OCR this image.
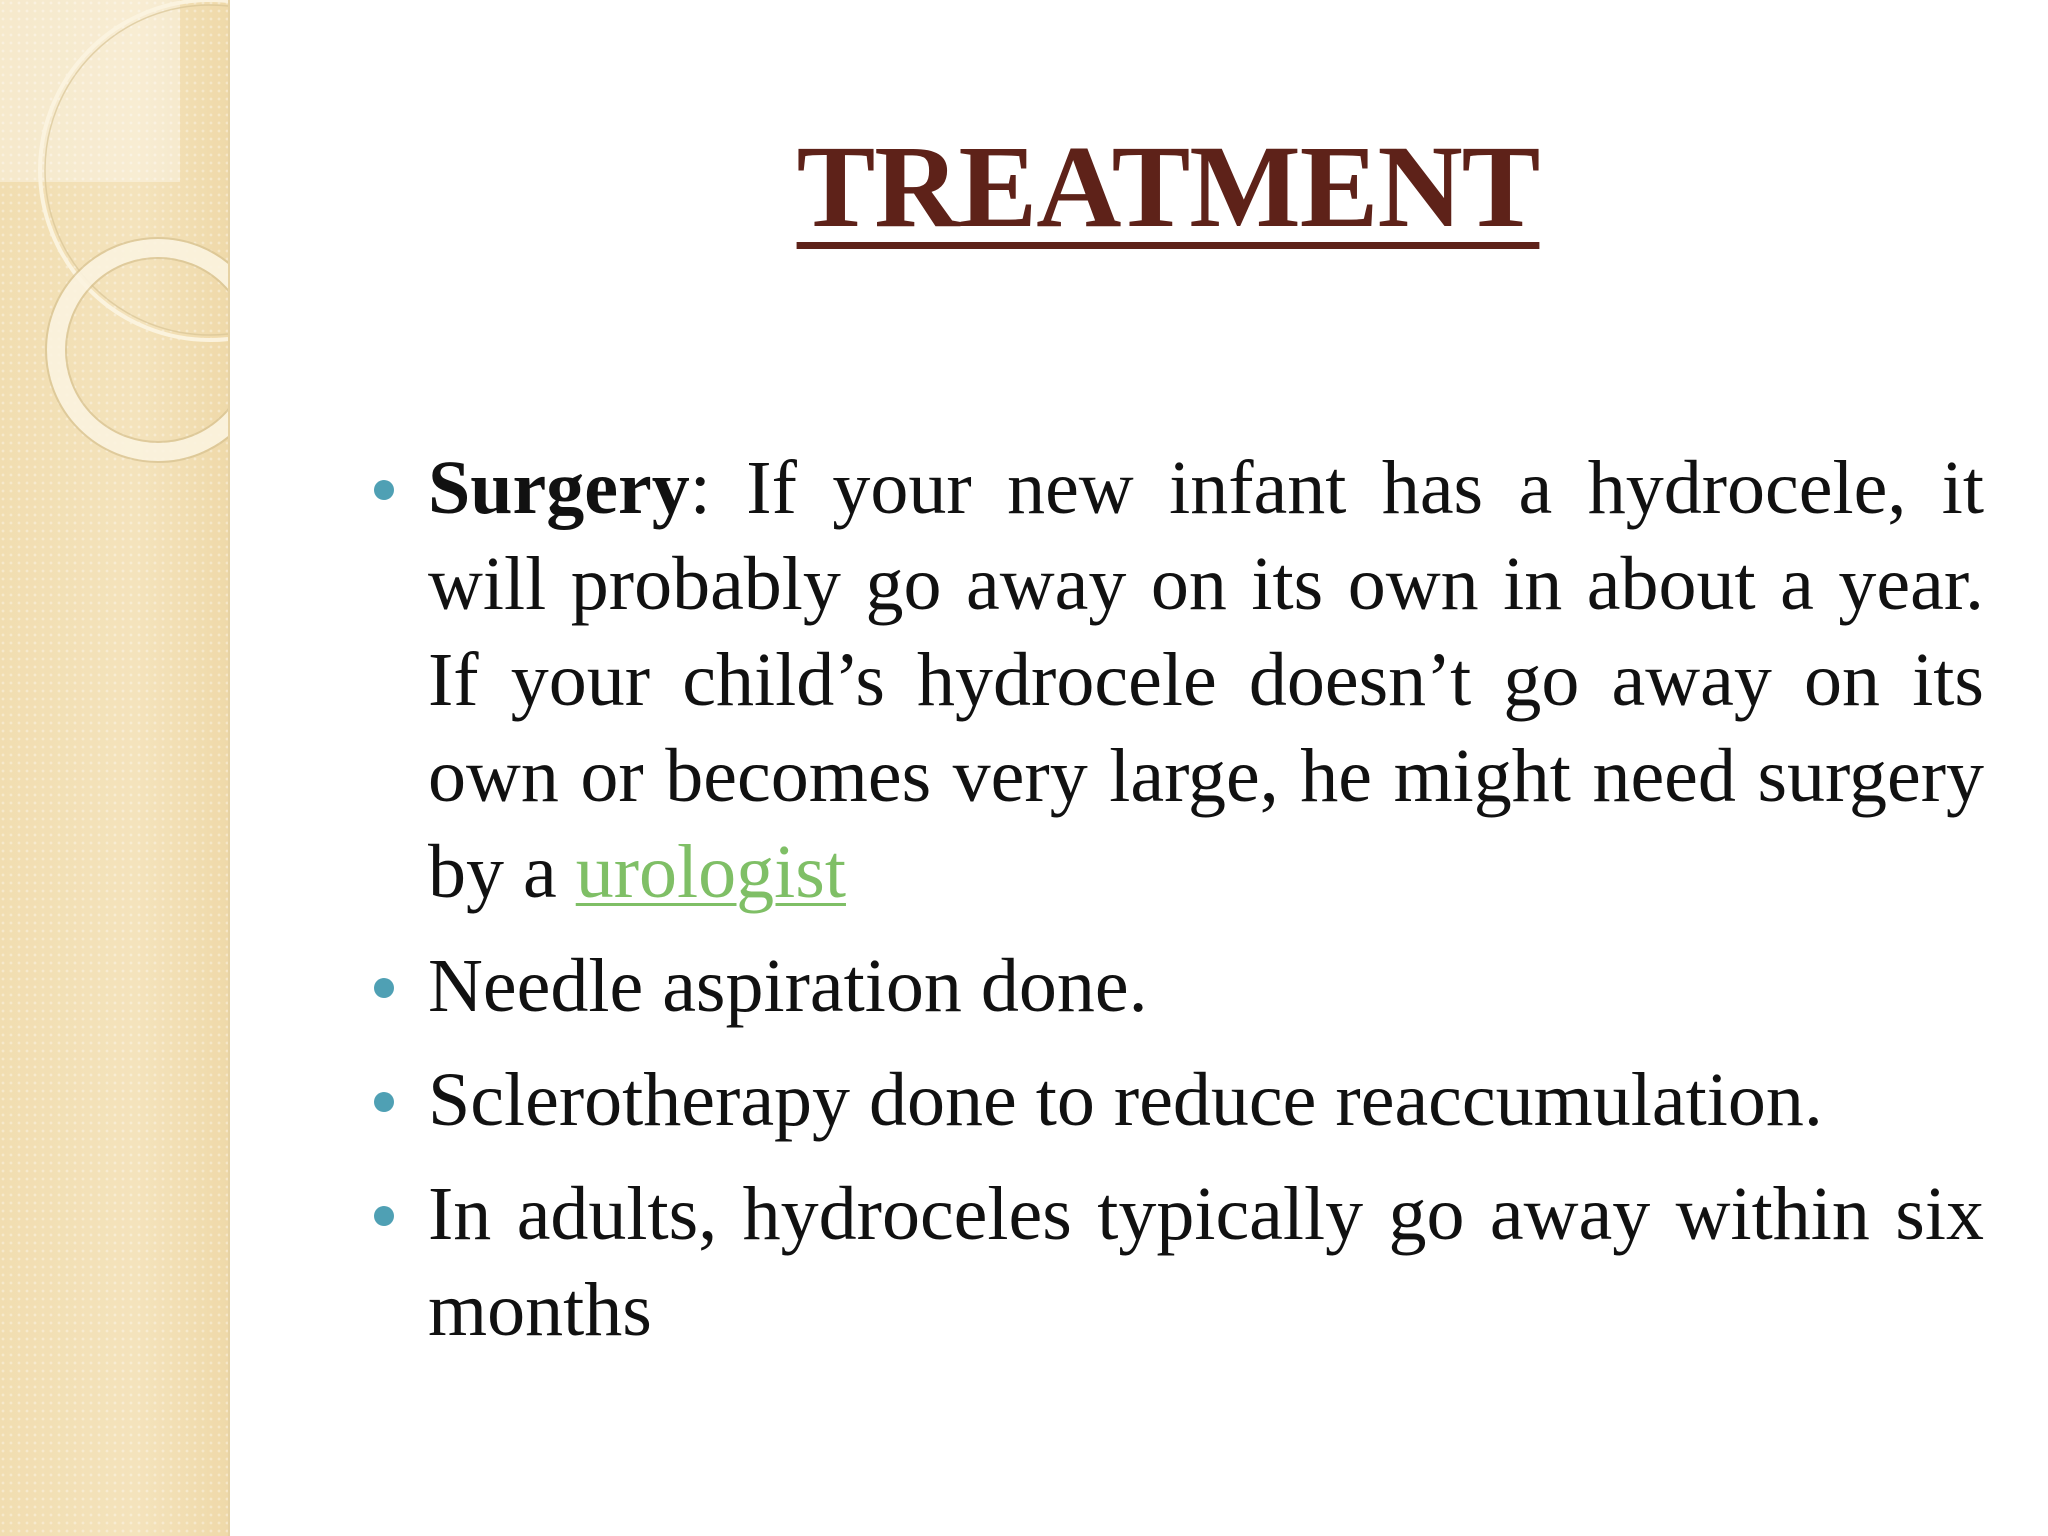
TREATMENT
Surgery: If your new infant has a hydrocele, it will probably go away on its own in about a year. If your child’s hydrocele doesn’t go away on its own or becomes very large, he might need surgery by a urologist
Needle aspiration done.
Sclerotherapy done to reduce reaccumulation.
In adults, hydroceles typically go away within six months
